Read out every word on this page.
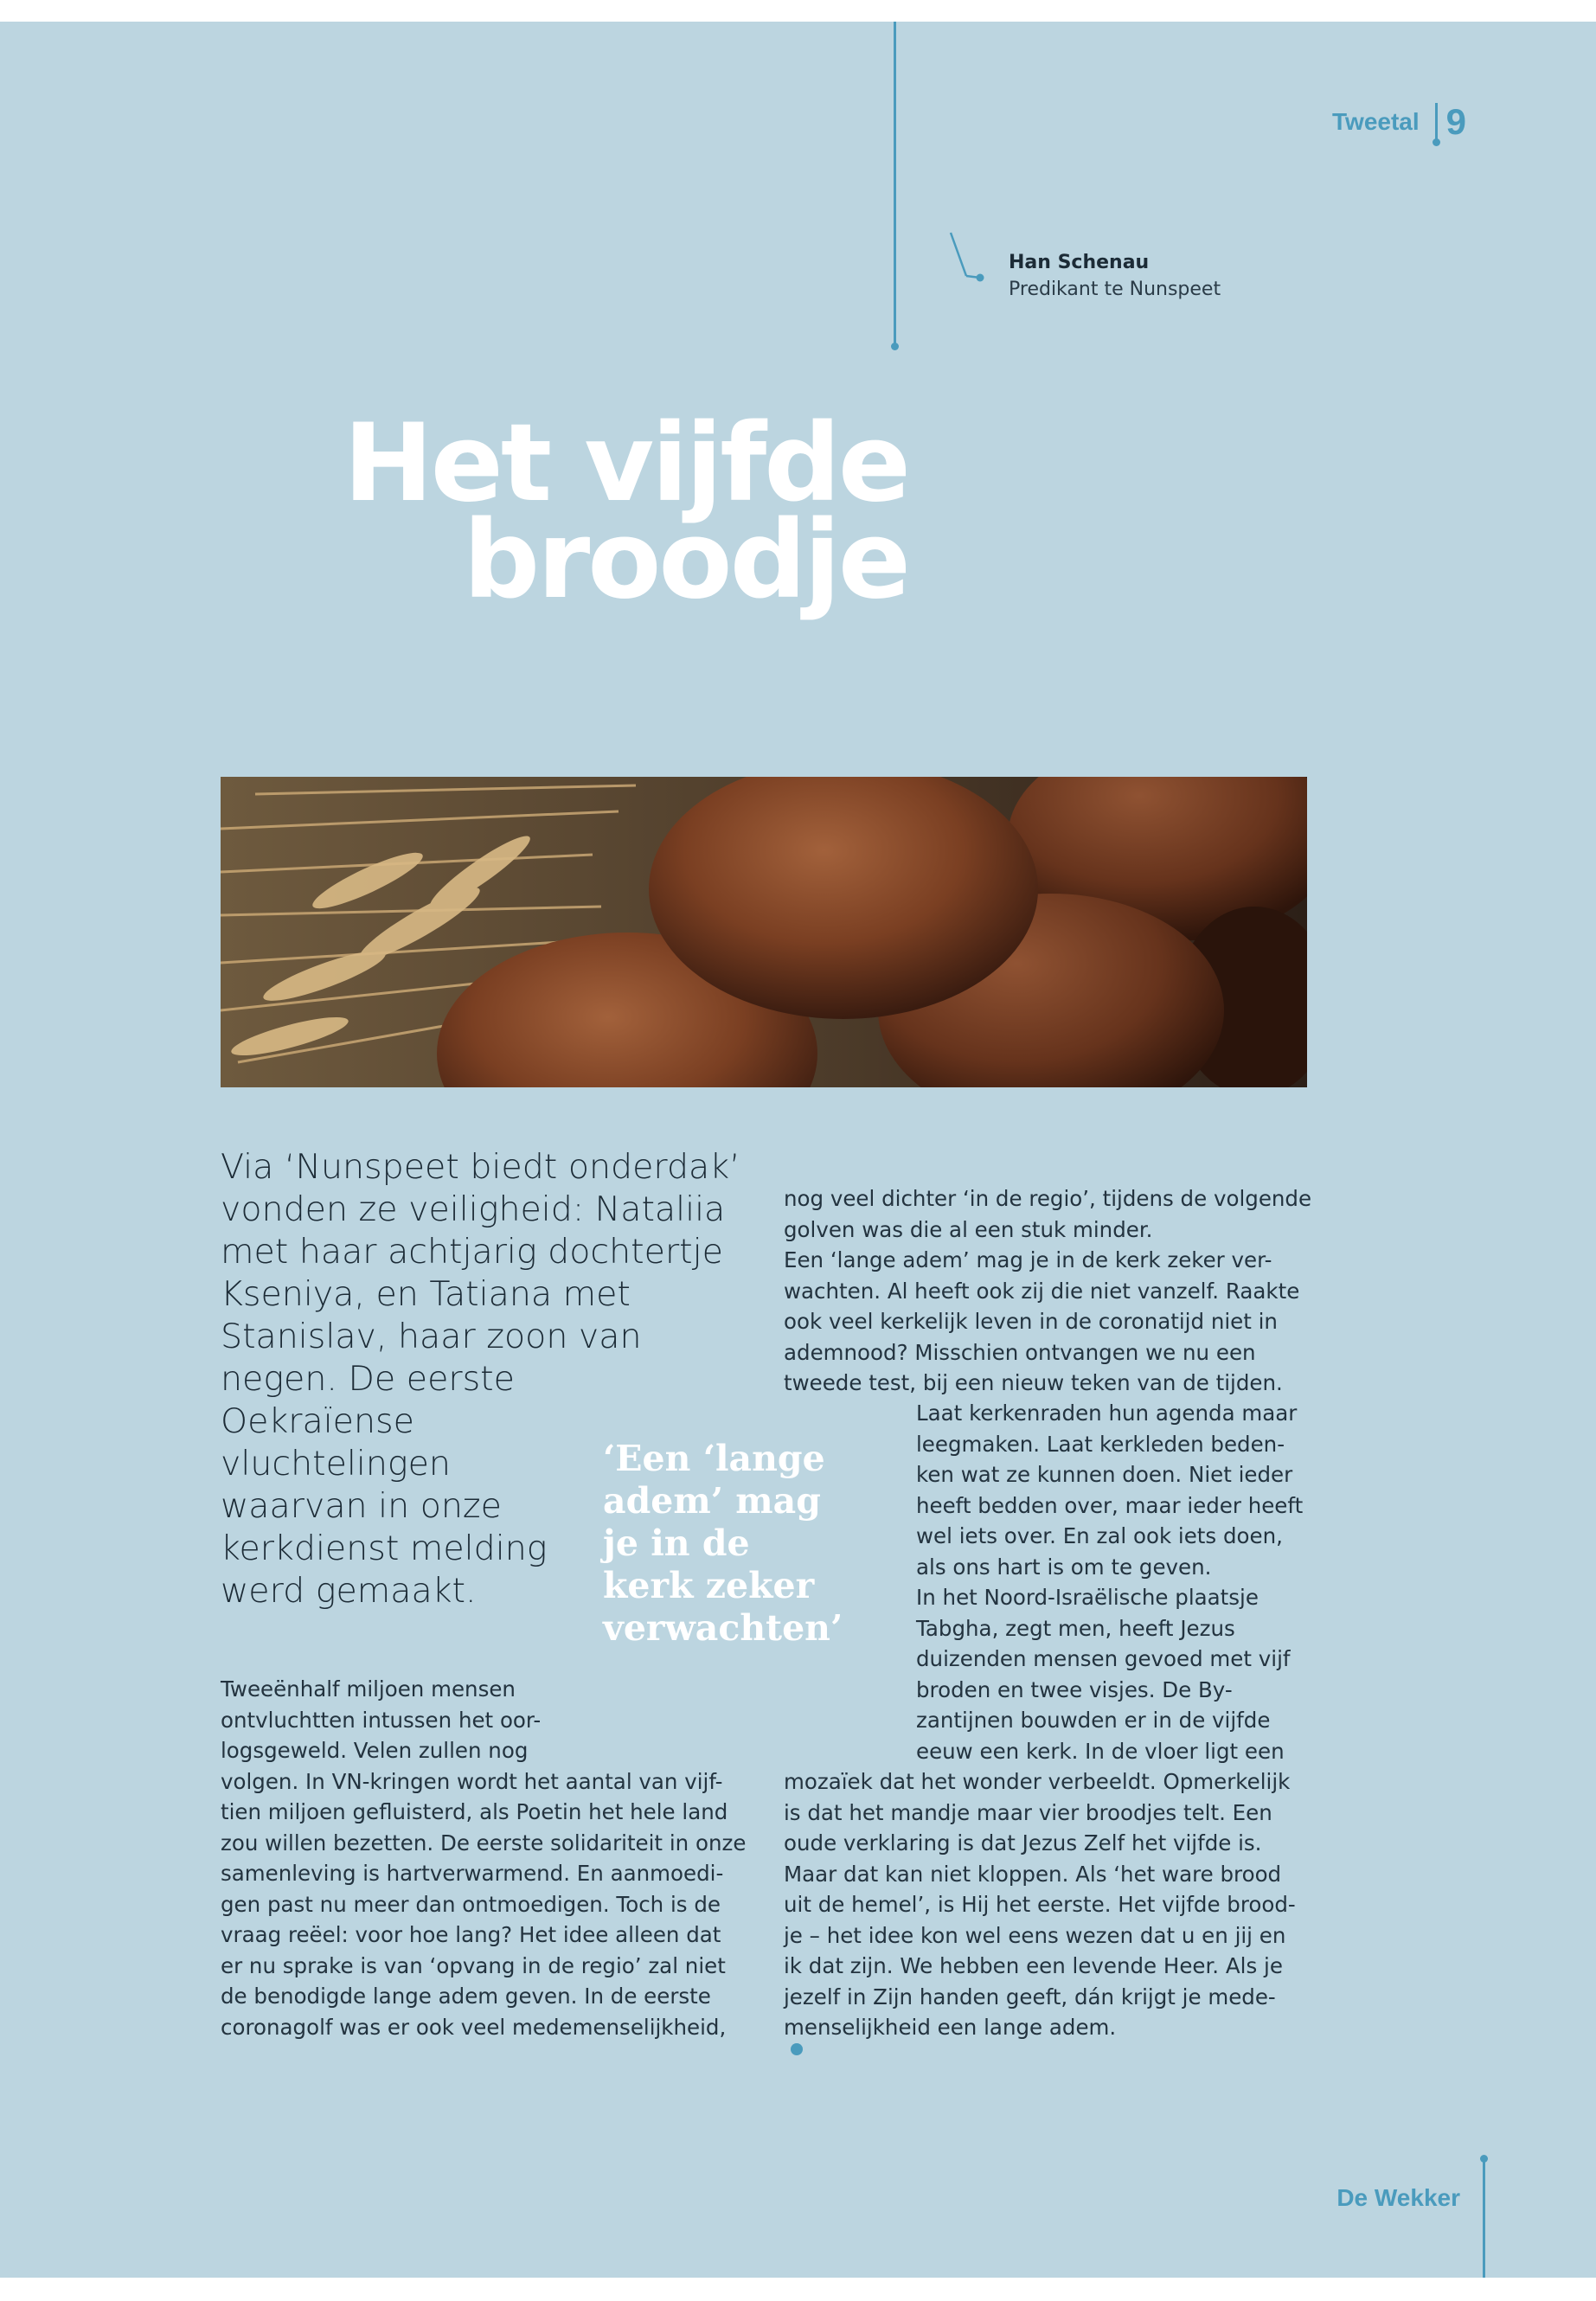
Tweetal 9
Han Schenau
Predikant te Nunspeet
Het vijfde
broodje
Via ‘Nunspeet biedt onderdak’
vonden ze veiligheid: Nataliia
met haar achtjarig dochtertje
Kseniya, en Tatiana met
Stanislav, haar zoon van
negen. De eerste
Oekraïense
vluchtelingen
waarvan in onze
kerkdienst melding
werd gemaakt.
‘Een ‘lange
adem’ mag
je in de
kerk zeker
verwachten’
Tweeënhalf miljoen mensen
ontvluchtten intussen het oor-
logsgeweld. Velen zullen nog
volgen. In VN-kringen wordt het aantal van vijf-
tien miljoen gefluisterd, als Poetin het hele land
zou willen bezetten. De eerste solidariteit in onze
samenleving is hartverwarmend. En aanmoedi-
gen past nu meer dan ontmoedigen. Toch is de
vraag reëel: voor hoe lang? Het idee alleen dat
er nu sprake is van ‘opvang in de regio’ zal niet
de benodigde lange adem geven. In de eerste
coronagolf was er ook veel medemenselijkheid,
nog veel dichter ‘in de regio’, tijdens de volgende
golven was die al een stuk minder.
Een ‘lange adem’ mag je in de kerk zeker ver-
wachten. Al heeft ook zij die niet vanzelf. Raakte
ook veel kerkelijk leven in de coronatijd niet in
ademnood? Misschien ontvangen we nu een
tweede test, bij een nieuw teken van de tijden.
Laat kerkenraden hun agenda maar
leegmaken. Laat kerkleden beden-
ken wat ze kunnen doen. Niet ieder
heeft bedden over, maar ieder heeft
wel iets over. En zal ook iets doen,
als ons hart is om te geven.
In het Noord-Israëlische plaatsje
Tabgha, zegt men, heeft Jezus
duizenden mensen gevoed met vijf
broden en twee visjes. De By-
zantijnen bouwden er in de vijfde
eeuw een kerk. In de vloer ligt een
mozaïek dat het wonder verbeeldt. Opmerkelijk
is dat het mandje maar vier broodjes telt. Een
oude verklaring is dat Jezus Zelf het vijfde is.
Maar dat kan niet kloppen. Als ‘het ware brood
uit de hemel’, is Hij het eerste. Het vijfde brood-
je – het idee kon wel eens wezen dat u en jij en
ik dat zijn. We hebben een levende Heer. Als je
jezelf in Zijn handen geeft, dán krijgt je mede-
menselijkheid een lange adem.
De Wekker
